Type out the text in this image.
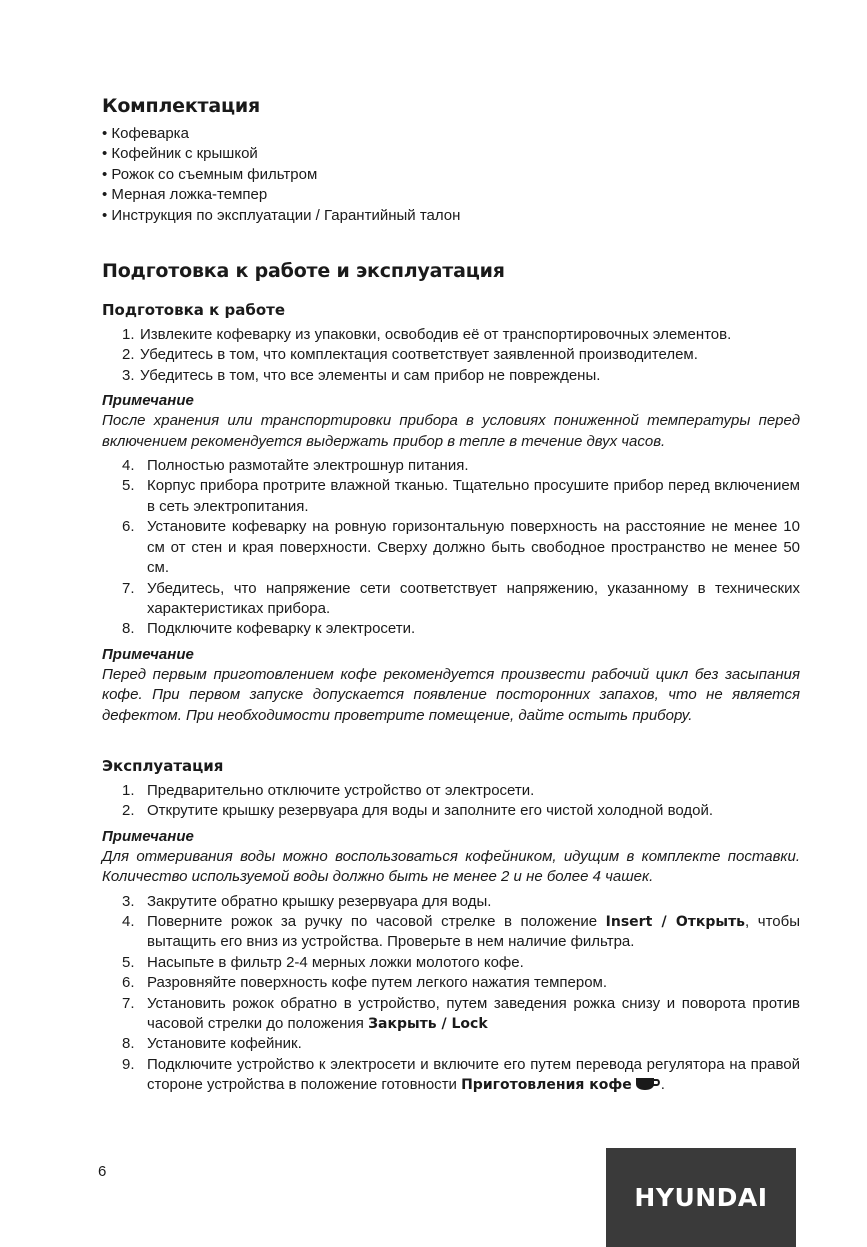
Комплектация
• Кофеварка
• Кофейник с крышкой
• Рожок со съемным фильтром
• Мерная ложка-темпер
• Инструкция по эксплуатации / Гарантийный талон
Подготовка к работе и эксплуатация
Подготовка к работе
1. Извлеките кофеварку из упаковки, освободив её от транспортировочных элементов.
2. Убедитесь в том, что комплектация соответствует заявленной производителем.
3. Убедитесь в том, что все элементы и сам прибор не повреждены.
Примечание
После хранения или транспортировки прибора в условиях пониженной температуры перед включением рекомендуется выдержать прибор в тепле в течение двух часов.
4. Полностью размотайте электрошнур питания.
5. Корпус прибора протрите влажной тканью. Тщательно просушите прибор перед включением в сеть электропитания.
6. Установите кофеварку на ровную горизонтальную поверхность на расстояние не менее 10 см от стен и края поверхности. Сверху должно быть свободное пространство не менее 50 см.
7. Убедитесь, что напряжение сети соответствует напряжению, указанному в технических характеристиках прибора.
8. Подключите кофеварку к электросети.
Примечание
Перед первым приготовлением кофе рекомендуется произвести рабочий цикл без засыпания кофе. При первом запуске допускается появление посторонних запахов, что не является дефектом. При необходимости проветрите помещение, дайте остыть прибору.
Эксплуатация
1. Предварительно отключите устройство от электросети.
2. Открутите крышку резервуара для воды и заполните его чистой холодной водой.
Примечание
Для отмеривания воды можно воспользоваться кофейником, идущим в комплекте поставки. Количество используемой воды должно быть не менее 2 и не более 4 чашек.
3. Закрутите обратно крышку резервуара для воды.
4. Поверните рожок за ручку по часовой стрелке в положение Insert / Открыть, чтобы вытащить его вниз из устройства. Проверьте в нем наличие фильтра.
5. Насыпьте в фильтр 2-4 мерных ложки молотого кофе.
6. Разровняйте поверхность кофе путем легкого нажатия темпером.
7. Установить рожок обратно в устройство, путем заведения рожка снизу и поворота против часовой стрелки до положения Закрыть / Lock
8. Установите кофейник.
9. Подключите устройство к электросети и включите его путем перевода регулятора на правой стороне устройства в положение готовности Приготовления кофе .
6
HYUNDAI
